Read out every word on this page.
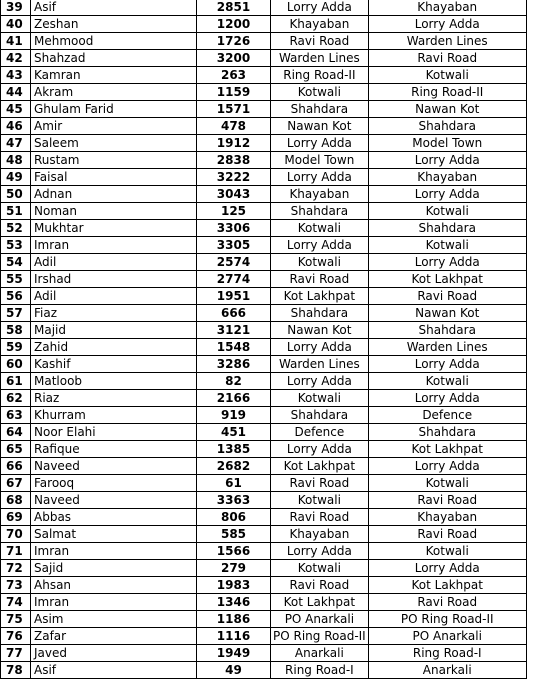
39	Asif	2851	Lorry Adda	Khayaban
40	Zeshan	1200	Khayaban	Lorry Adda
41	Mehmood	1726	Ravi Road	Warden Lines
42	Shahzad	3200	Warden Lines	Ravi Road
43	Kamran	263	Ring Road-II	Kotwali
44	Akram	1159	Kotwali	Ring Road-II
45	Ghulam Farid	1571	Shahdara	Nawan Kot
46	Amir	478	Nawan Kot	Shahdara
47	Saleem	1912	Lorry Adda	Model Town
48	Rustam	2838	Model Town	Lorry Adda
49	Faisal	3222	Lorry Adda	Khayaban
50	Adnan	3043	Khayaban	Lorry Adda
51	Noman	125	Shahdara	Kotwali
52	Mukhtar	3306	Kotwali	Shahdara
53	Imran	3305	Lorry Adda	Kotwali
54	Adil	2574	Kotwali	Lorry Adda
55	Irshad	2774	Ravi Road	Kot Lakhpat
56	Adil	1951	Kot Lakhpat	Ravi Road
57	Fiaz	666	Shahdara	Nawan Kot
58	Majid	3121	Nawan Kot	Shahdara
59	Zahid	1548	Lorry Adda	Warden Lines
60	Kashif	3286	Warden Lines	Lorry Adda
61	Matloob	82	Lorry Adda	Kotwali
62	Riaz	2166	Kotwali	Lorry Adda
63	Khurram	919	Shahdara	Defence
64	Noor Elahi	451	Defence	Shahdara
65	Rafique	1385	Lorry Adda	Kot Lakhpat
66	Naveed	2682	Kot Lakhpat	Lorry Adda
67	Farooq	61	Ravi Road	Kotwali
68	Naveed	3363	Kotwali	Ravi Road
69	Abbas	806	Ravi Road	Khayaban
70	Salmat	585	Khayaban	Ravi Road
71	Imran	1566	Lorry Adda	Kotwali
72	Sajid	279	Kotwali	Lorry Adda
73	Ahsan	1983	Ravi Road	Kot Lakhpat
74	Imran	1346	Kot Lakhpat	Ravi Road
75	Asim	1186	PO Anarkali	PO Ring Road-II
76	Zafar	1116	PO Ring Road-II	PO Anarkali
77	Javed	1949	Anarkali	Ring Road-I
78	Asif	49	Ring Road-I	Anarkali
